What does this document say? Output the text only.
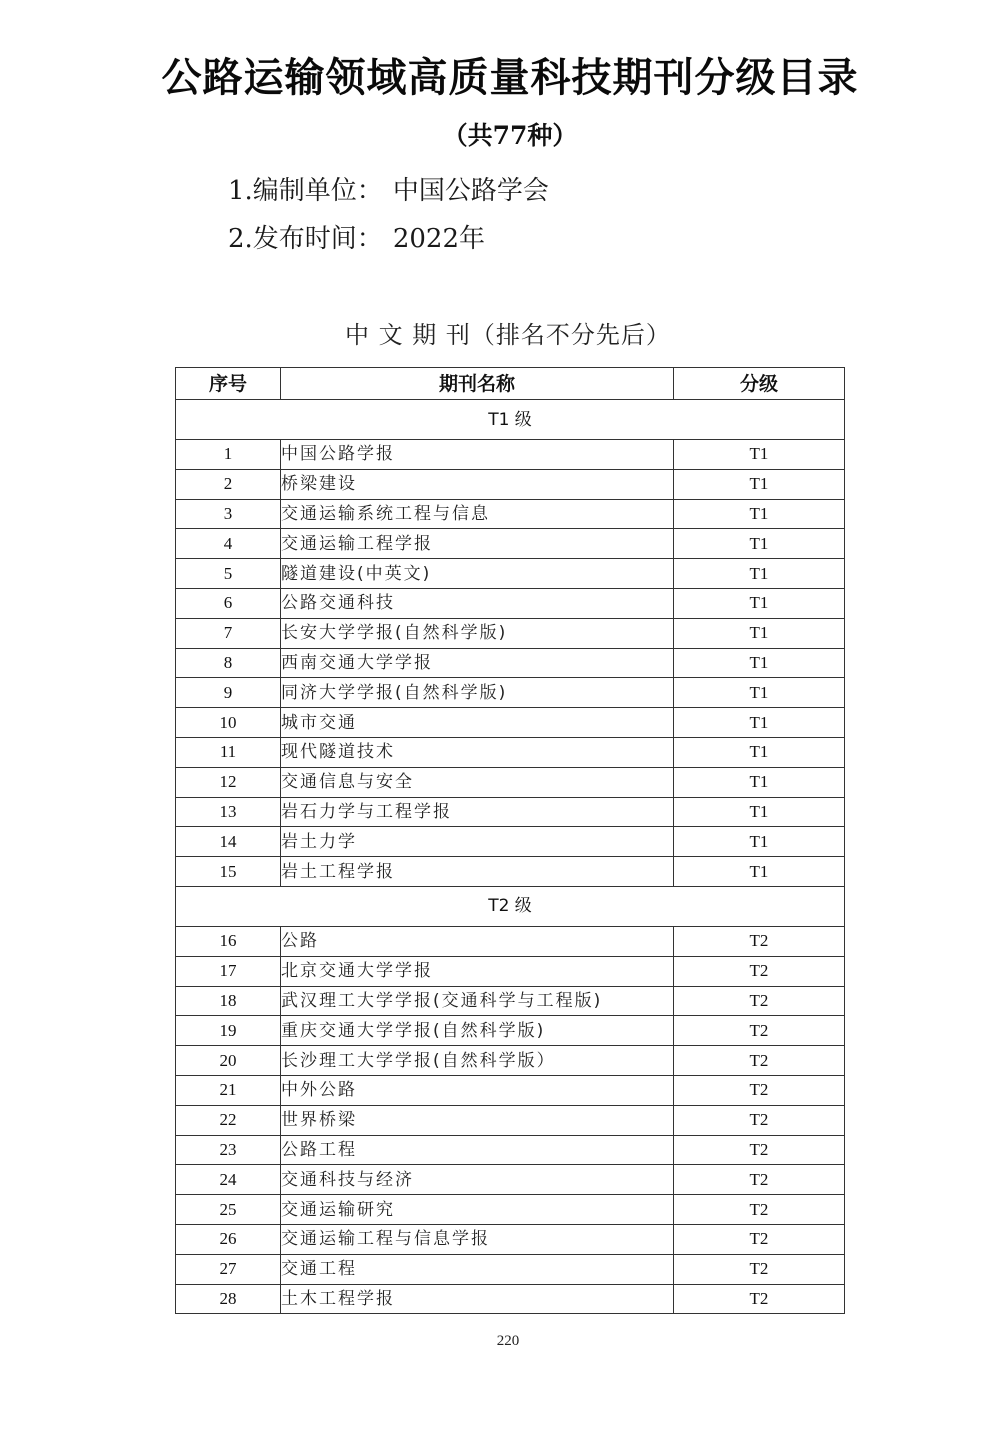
公路运输领域高质量科技期刊分级目录
（共77种）
1.编制单位： 中国公路学会
2.发布时间： 2022年
中 文 期 刊（排名不分先后）
序号	期刊名称	分级
T1 级		
1	中国公路学报	T1
2	桥梁建设	T1
3	交通运输系统工程与信息	T1
4	交通运输工程学报	T1
5	隧道建设(中英文)	T1
6	公路交通科技	T1
7	长安大学学报(自然科学版)	T1
8	西南交通大学学报	T1
9	同济大学学报(自然科学版)	T1
10	城市交通	T1
11	现代隧道技术	T1
12	交通信息与安全	T1
13	岩石力学与工程学报	T1
14	岩土力学	T1
15	岩土工程学报	T1
T2 级		
16	公路	T2
17	北京交通大学学报	T2
18	武汉理工大学学报(交通科学与工程版)	T2
19	重庆交通大学学报(自然科学版)	T2
20	长沙理工大学学报(自然科学版）	T2
21	中外公路	T2
22	世界桥梁	T2
23	公路工程	T2
24	交通科技与经济	T2
25	交通运输研究	T2
26	交通运输工程与信息学报	T2
27	交通工程	T2
28	土木工程学报	T2
220
